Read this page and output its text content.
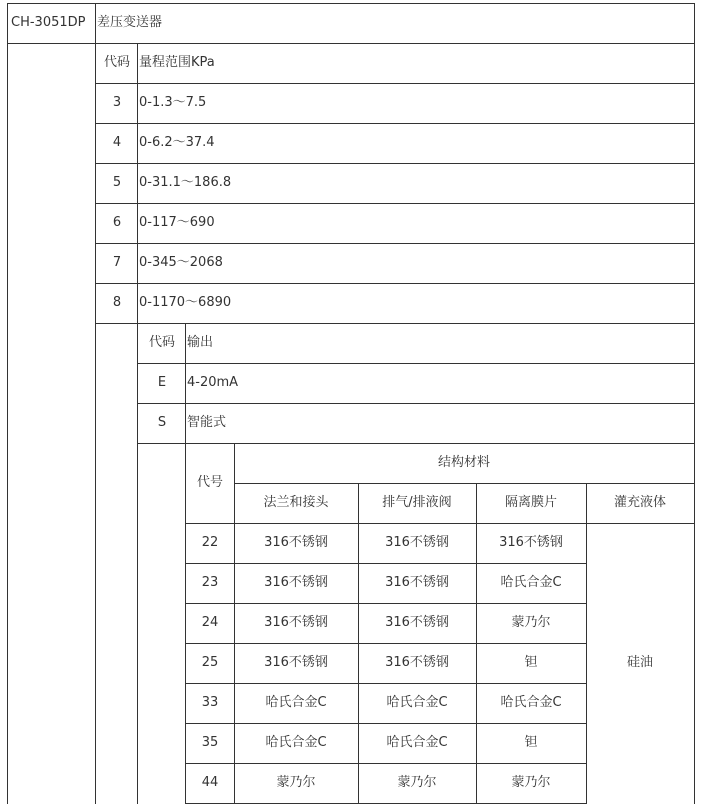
CH-3051DP 差压变送器
代码 量程范围KPa
3	0-1.3～7.5
4	0-6.2～37.4
5	0-31.1～186.8
6	0-117～690
7	0-345～2068
8	0-1170～6890
代码 输出
E	4-20mA
S	智能式
代号
结构材料
法兰和接头	排气/排液阀	隔离膜片	灌充液体
22	316不锈钢	316不锈钢	316不锈钢
23	316不锈钢	316不锈钢	哈氏合金C
24	316不锈钢	316不锈钢	蒙乃尔
25	316不锈钢	316不锈钢	钽
33	哈氏合金C	哈氏合金C	哈氏合金C
35	哈氏合金C	哈氏合金C	钽
44	蒙乃尔	蒙乃尔	蒙乃尔
硅油
